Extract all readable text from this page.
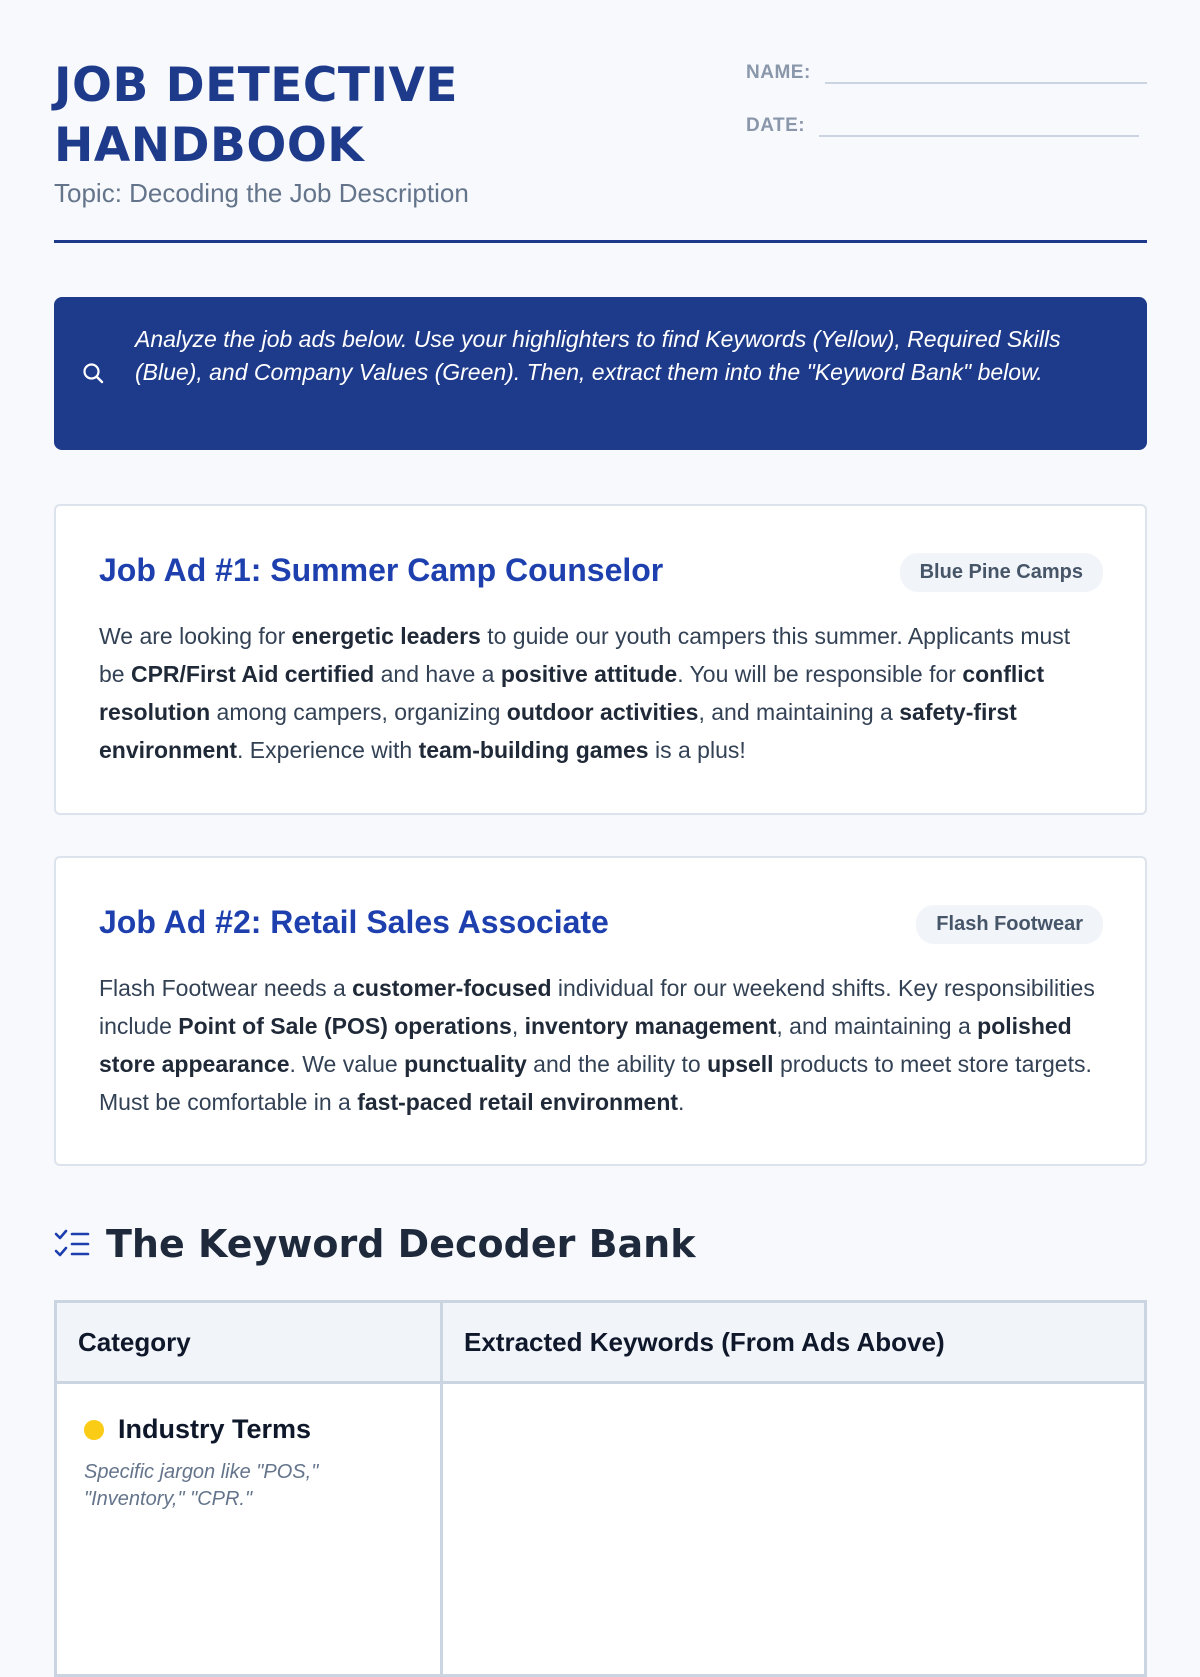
JOB DETECTIVE HANDBOOK
Topic: Decoding the Job Description
NAME:
DATE:
Analyze the job ads below. Use your highlighters to find Keywords (Yellow), Required Skills (Blue), and Company Values (Green). Then, extract them into the "Keyword Bank" below.
Job Ad #1: Summer Camp Counselor	Blue Pine Camps
We are looking for energetic leaders to guide our youth campers this summer. Applicants must be CPR/First Aid certified and have a positive attitude. You will be responsible for conflict resolution among campers, organizing outdoor activities, and maintaining a safety-first environment. Experience with team-building games is a plus!
Job Ad #2: Retail Sales Associate	Flash Footwear
Flash Footwear needs a customer-focused individual for our weekend shifts. Key responsibilities include Point of Sale (POS) operations, inventory management, and maintaining a polished store appearance. We value punctuality and the ability to upsell products to meet store targets. Must be comfortable in a fast-paced retail environment.
The Keyword Decoder Bank
Category	Extracted Keywords (From Ads Above)

Industry Terms
Specific jargon like "POS," "Inventory," "CPR."	
